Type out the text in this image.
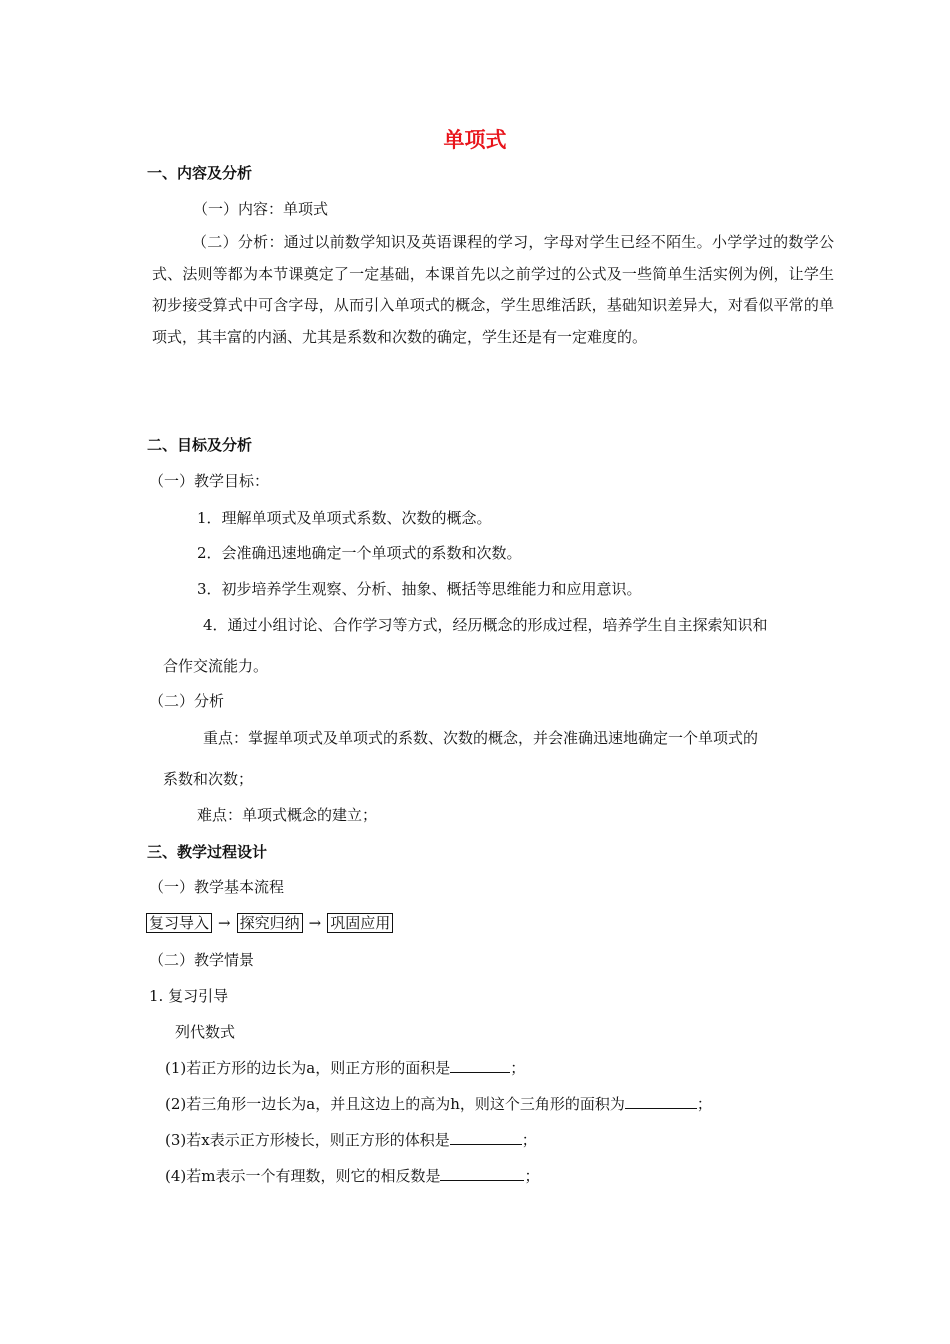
单项式
一、内容及分析
（一）内容：单项式
（二）分析：通过以前数学知识及英语课程的学习，字母对学生已经不陌生。小学学过的数学公式、法则等都为本节课奠定了一定基础，本课首先以之前学过的公式及一些简单生活实例为例，让学生初步接受算式中可含字母，从而引入单项式的概念，学生思维活跃，基础知识差异大，对看似平常的单项式，其丰富的内涵、尤其是系数和次数的确定，学生还是有一定难度的。
二、目标及分析
（一）教学目标：
1．理解单项式及单项式系数、次数的概念。
2．会准确迅速地确定一个单项式的系数和次数。
3．初步培养学生观察、分析、抽象、概括等思维能力和应用意识。
4．通过小组讨论、合作学习等方式，经历概念的形成过程，培养学生自主探索知识和
合作交流能力。
（二）分析
重点：掌握单项式及单项式的系数、次数的概念，并会准确迅速地确定一个单项式的
系数和次数；
难点：单项式概念的建立；
三、教学过程设计
（一）教学基本流程
复习导入 → 探究归纳 → 巩固应用
（二）教学情景
1. 复习引导
列代数式
(1)若正方形的边长为a，则正方形的面积是	；
(2)若三角形一边长为a，并且这边上的高为h，则这个三角形的面积为	；
(3)若x表示正方形棱长，则正方形的体积是	；
(4)若m表示一个有理数，则它的相反数是	；
